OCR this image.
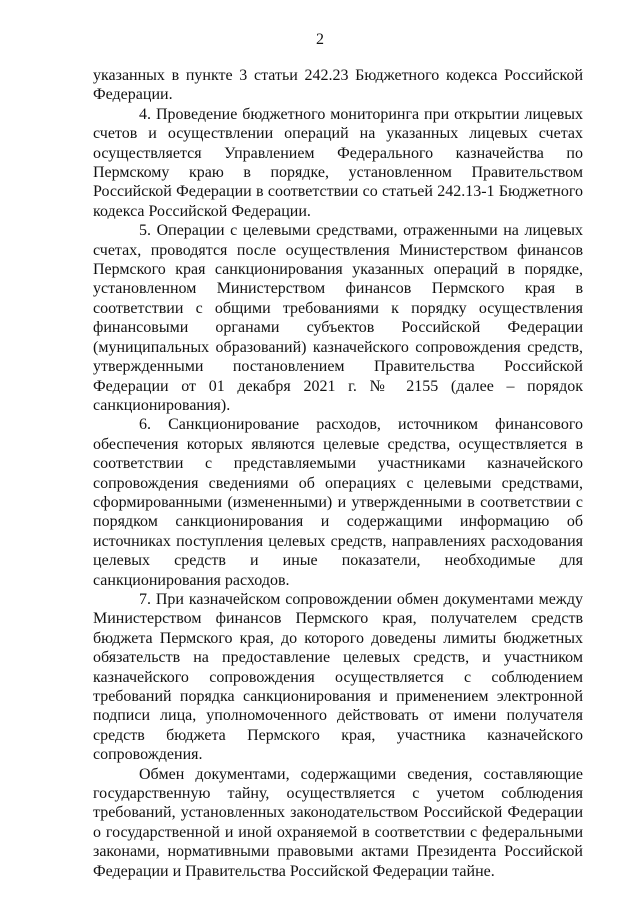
2

указанных в пункте 3 статьи 242.23 Бюджетного кодекса Российской Федерации.

4. Проведение бюджетного мониторинга при открытии лицевых счетов и осуществлении операций на указанных лицевых счетах осуществляется Управлением Федерального казначейства по Пермскому краю в порядке, установленном Правительством Российской Федерации в соответствии со статьей 242.13-1 Бюджетного кодекса Российской Федерации.

5. Операции с целевыми средствами, отраженными на лицевых счетах, проводятся после осуществления Министерством финансов Пермского края санкционирования указанных операций в порядке, установленном Министерством финансов Пермского края в соответствии с общими требованиями к порядку осуществления финансовыми органами субъектов Российской Федерации (муниципальных образований) казначейского сопровождения средств, утвержденными постановлением Правительства Российской Федерации от 01 декабря 2021 г. № 2155 (далее – порядок санкционирования).

6. Санкционирование расходов, источником финансового обеспечения которых являются целевые средства, осуществляется в соответствии с представляемыми участниками казначейского сопровождения сведениями об операциях с целевыми средствами, сформированными (измененными) и утвержденными в соответствии с порядком санкционирования и содержащими информацию об источниках поступления целевых средств, направлениях расходования целевых средств и иные показатели, необходимые для санкционирования расходов.

7. При казначейском сопровождении обмен документами между Министерством финансов Пермского края, получателем средств бюджета Пермского края, до которого доведены лимиты бюджетных обязательств на предоставление целевых средств, и участником казначейского сопровождения осуществляется с соблюдением требований порядка санкционирования и применением электронной подписи лица, уполномоченного действовать от имени получателя средств бюджета Пермского края, участника казначейского сопровождения.

Обмен документами, содержащими сведения, составляющие государственную тайну, осуществляется с учетом соблюдения требований, установленных законодательством Российской Федерации о государственной и иной охраняемой в соответствии с федеральными законами, нормативными правовыми актами Президента Российской Федерации и Правительства Российской Федерации тайне.
